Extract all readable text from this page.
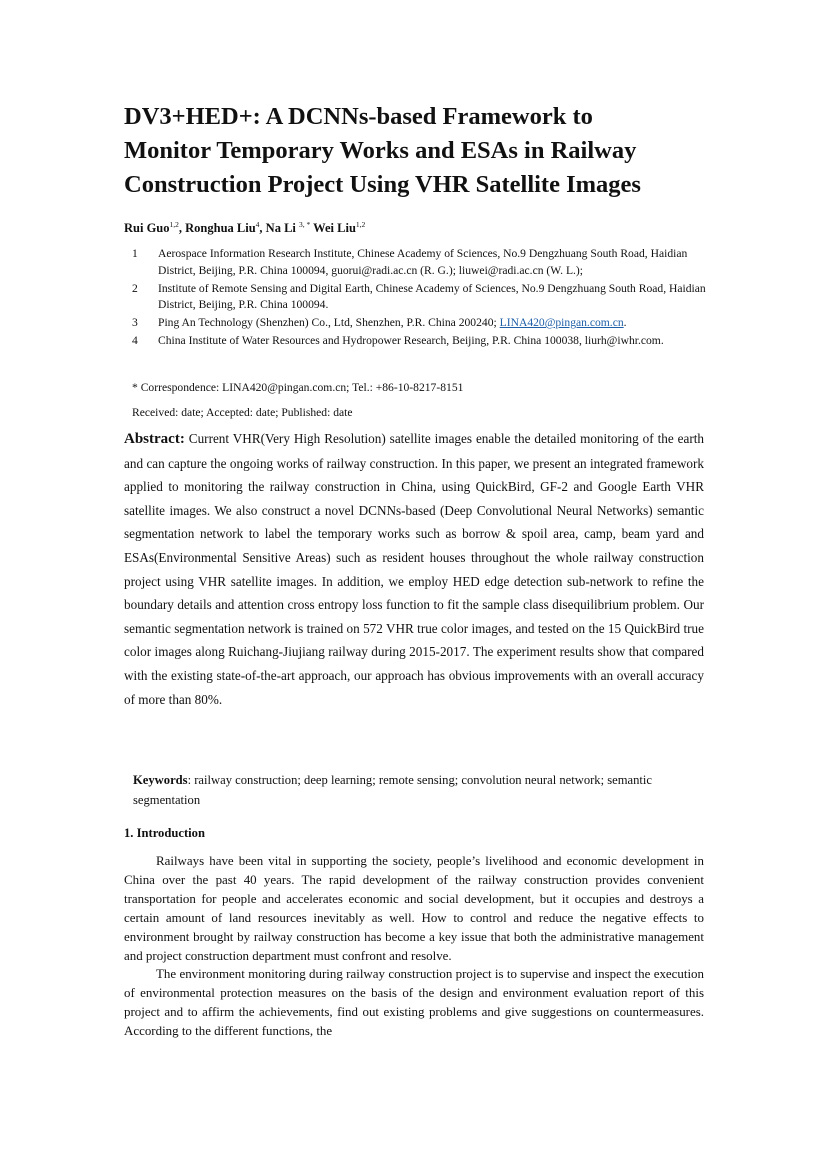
DV3+HED+: A DCNNs-based Framework to
Monitor Temporary Works and ESAs in Railway
Construction Project Using VHR Satellite Images
Rui Guo$^{1,2}$, Ronghua Liu$^4$, Na Li $^{3, *}$ Wei Liu$^{1,2}$
1	Aerospace Information Research Institute, Chinese Academy of Sciences, No.9 Dengzhuang South Road, Haidian District, Beijing, P.R. China 100094, guorui@radi.ac.cn (R. G.); liuwei@radi.ac.cn (W. L.);
2	Institute of Remote Sensing and Digital Earth, Chinese Academy of Sciences, No.9 Dengzhuang South Road, Haidian District, Beijing, P.R. China 100094.
3	Ping An Technology (Shenzhen) Co., Ltd, Shenzhen, P.R. China 200240; LINA420@pingan.com.cn.
4	China Institute of Water Resources and Hydropower Research, Beijing, P.R. China 100038, liurh@iwhr.com.
* Correspondence: LINA420@pingan.com.cn; Tel.: +86-10-8217-8151
Received: date; Accepted: date; Published: date

Abstract: Current VHR(Very High Resolution) satellite images enable the detailed monitoring of the earth and can capture the ongoing works of railway construction. In this paper, we present an integrated framework applied to monitoring the railway construction in China, using QuickBird, GF-2 and Google Earth VHR satellite images. We also construct a novel DCNNs-based (Deep Convolutional Neural Networks) semantic segmentation network to label the temporary works such as borrow & spoil area, camp, beam yard and ESAs(Environmental Sensitive Areas) such as resident houses throughout the whole railway construction project using VHR satellite images. In addition, we employ HED edge detection sub-network to refine the boundary details and attention cross entropy loss function to fit the sample class disequilibrium problem. Our semantic segmentation network is trained on 572 VHR true color images, and tested on the 15 QuickBird true color images along Ruichang-Jiujiang railway during 2015-2017. The experiment results show that compared with the existing state-of-the-art approach, our approach has obvious improvements with an overall accuracy of more than 80%.

Keywords: railway construction; deep learning; remote sensing; convolution neural network; semantic segmentation

1. Introduction

Railways have been vital in supporting the society, people’s livelihood and economic development in China over the past 40 years. The rapid development of the railway construction provides convenient transportation for people and accelerates economic and social development, but it occupies and destroys a certain amount of land resources inevitably as well. How to control and reduce the negative effects to environment brought by railway construction has become a key issue that both the administrative management and project construction department must confront and resolve.

The environment monitoring during railway construction project is to supervise and inspect the execution of environmental protection measures on the basis of the design and environment evaluation report of this project and to affirm the achievements, find out existing problems and give suggestions on countermeasures. According to the different functions, the
